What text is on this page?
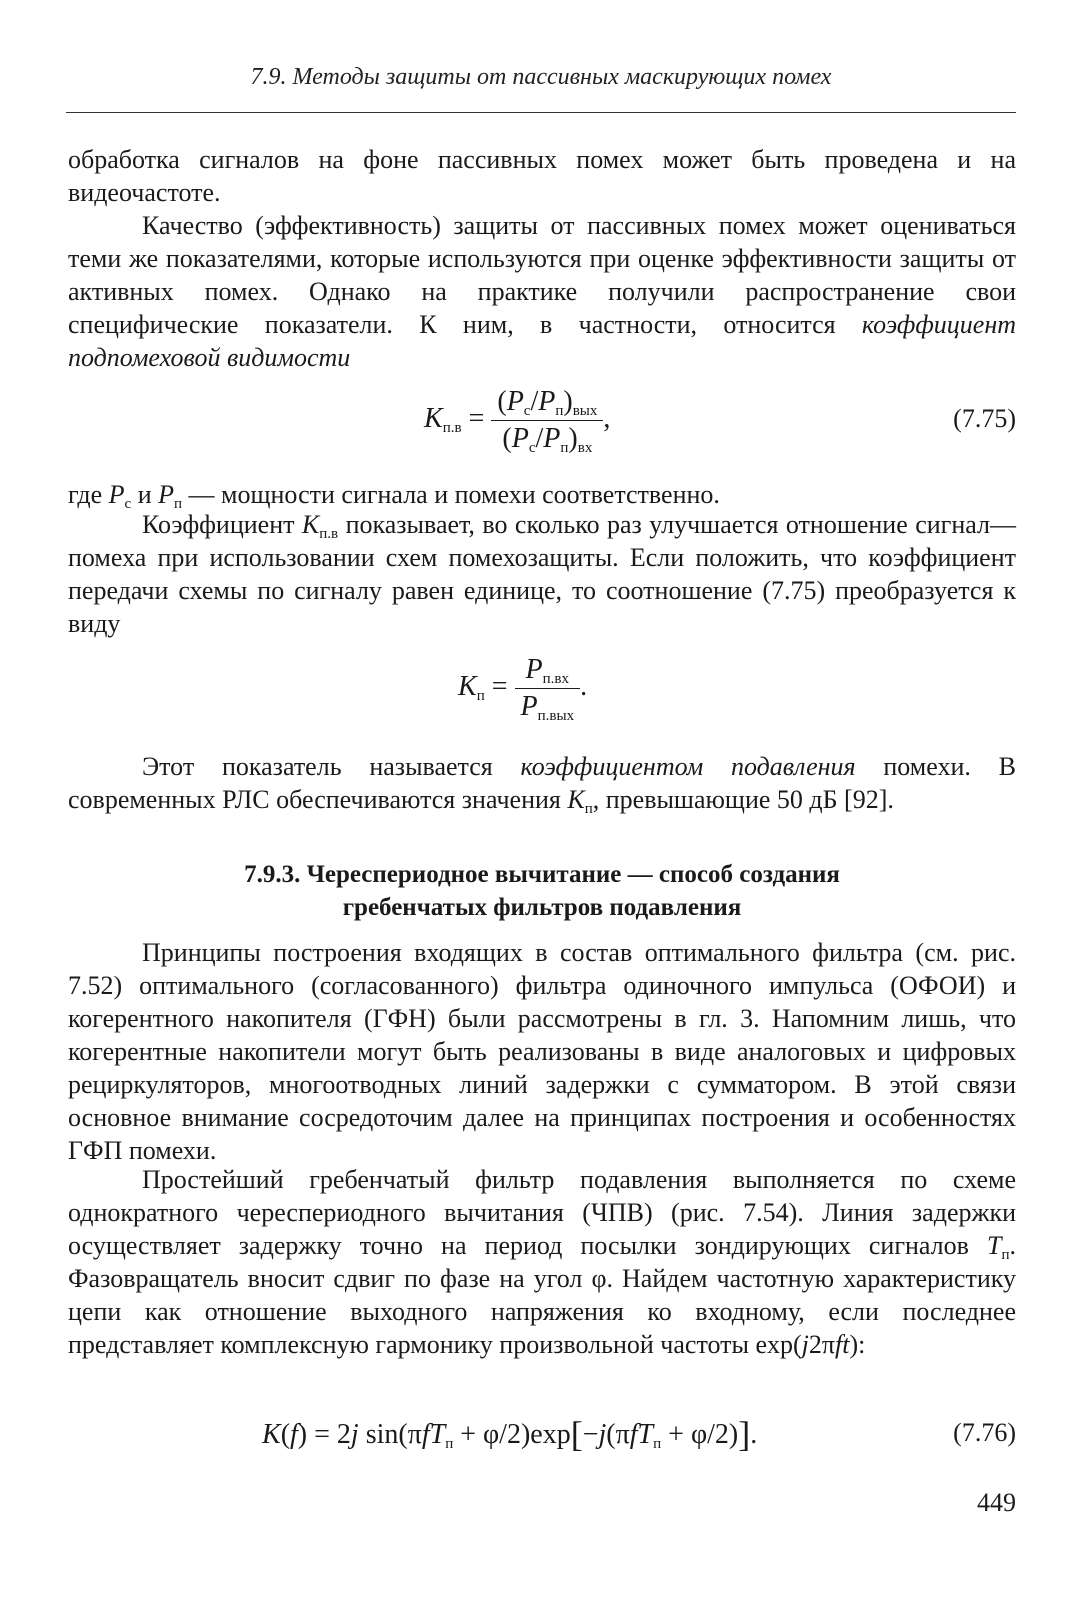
7.9. Методы защиты от пассивных маскирующих помех
обработка сигналов на фоне пассивных помех может быть проведена и на видеочастоте.
Качество (эффективность) защиты от пассивных помех может оцениваться теми же показателями, которые используются при оценке эффективности защиты от активных помех. Однако на практике получили распространение свои специфические показатели. К ним, в частности, относится коэффициент подпомеховой видимости
$K_{п.в} = \frac{(P_с/P_п)_{вых}}{(P_с/P_п)_{вх}}$ ,	(7.75)
где $P_с$ и $P_п$ — мощности сигнала и помехи соответственно.
Коэффициент $K_{п.в}$ показывает, во сколько раз улучшается отношение сигнал—помеха при использовании схем помехозащиты. Если положить, что коэффициент передачи схемы по сигналу равен единице, то соотношение (7.75) преобразуется к виду
$K_п = \frac{P_{п.вх}}{P_{п.вых}}$ .
Этот показатель называется коэффициентом подавления помехи. В современных РЛС обеспечиваются значения $K_п$, превышающие 50 дБ [92].
7.9.3. Череспериодное вычитание — способ создания
гребенчатых фильтров подавления
Принципы построения входящих в состав оптимального фильтра (см. рис. 7.52) оптимального (согласованного) фильтра одиночного импульса (ОФОИ) и когерентного накопителя (ГФН) были рассмотрены в гл. 3. Напомним лишь, что когерентные накопители могут быть реализованы в виде аналоговых и цифровых рециркуляторов, многоотводных линий задержки с сумматором. В этой связи основное внимание сосредоточим далее на принципах построения и особенностях ГФП помехи.
Простейший гребенчатый фильтр подавления выполняется по схеме однократного череспериодного вычитания (ЧПВ) (рис. 7.54). Линия задержки осуществляет задержку точно на период посылки зондирующих сигналов $T_п$. Фазовращатель вносит сдвиг по фазе на угол φ. Найдем частотную характеристику цепи как отношение выходного напряжения ко входному, если последнее представляет комплексную гармонику произвольной частоты exp(j2πft):
K(f) = 2j sin(πfT$_п$ + φ/2)exp[−j(πfT$_п$ + φ/2)].	(7.76)
449
